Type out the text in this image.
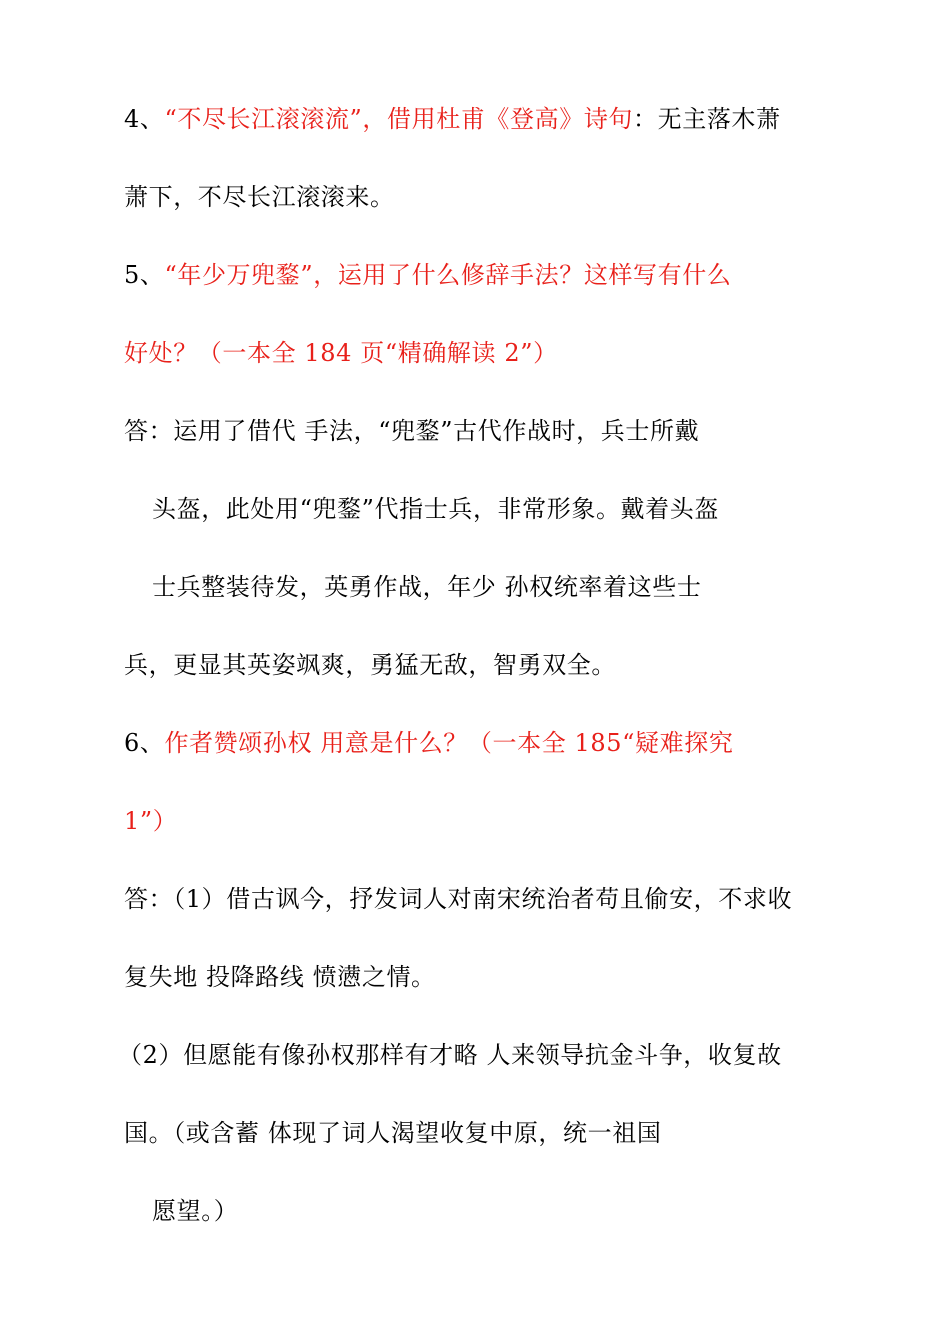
4、“不尽长江滚滚流”，借用杜甫《登高》诗句：无主落木萧
萧下，不尽长江滚滚来。
5、“年少万兜鍪”，运用了什么修辞手法？这样写有什么
好处？（一本全 184 页“精确解读 2”）
答：运用了借代 手法，“兜鍪”古代作战时，兵士所戴
头盔，此处用“兜鍪”代指士兵，非常形象。戴着头盔
士兵整装待发，英勇作战，年少 孙权统率着这些士
兵，更显其英姿飒爽，勇猛无敌，智勇双全。
6、作者赞颂孙权 用意是什么？（一本全 185“疑难探究
1”）
答：（1）借古讽今，抒发词人对南宋统治者苟且偷安，不求收
复失地 投降路线 愤懑之情。
（2）但愿能有像孙权那样有才略 人来领导抗金斗争，收复故
国。（或含蓄 体现了词人渴望收复中原，统一祖国
愿望。）
